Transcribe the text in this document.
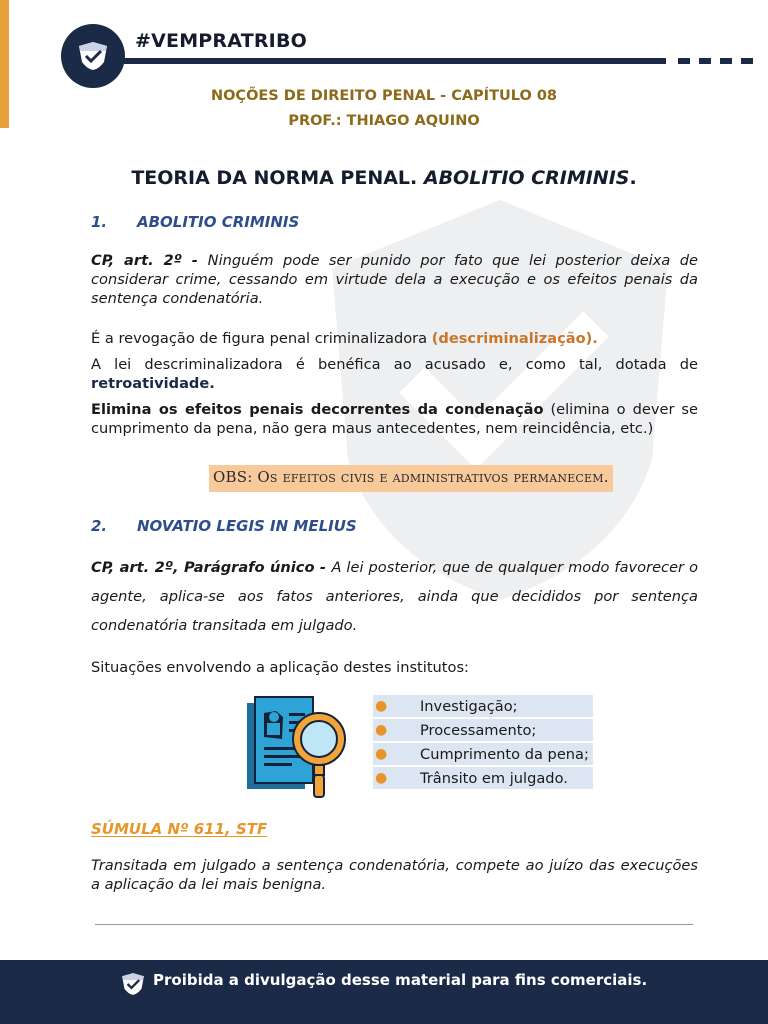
#VEMPRATRIBO
NOÇÕES DE DIREITO PENAL - CAPÍTULO 08
PROF.: THIAGO AQUINO
TEORIA DA NORMA PENAL. ABOLITIO CRIMINIS.
1. ABOLITIO CRIMINIS
CP, art. 2º - Ninguém pode ser punido por fato que lei posterior deixa de considerar crime, cessando em virtude dela a execução e os efeitos penais da sentença condenatória.
É a revogação de figura penal criminalizadora (descriminalização).
A lei descriminalizadora é benéfica ao acusado e, como tal, dotada de retroatividade.
Elimina os efeitos penais decorrentes da condenação (elimina o dever se cumprimento da pena, não gera maus antecedentes, nem reincidência, etc.)
OBS: Os efeitos civis e administrativos permanecem.
2. NOVATIO LEGIS IN MELIUS
CP, art. 2º, Parágrafo único - A lei posterior, que de qualquer modo favorecer o agente, aplica-se aos fatos anteriores, ainda que decididos por sentença condenatória transitada em julgado.
Situações envolvendo a aplicação destes institutos:
●	Investigação;
●	Processamento;
●	Cumprimento da pena;
●	Trânsito em julgado.
SÚMULA Nº 611, STF
Transitada em julgado a sentença condenatória, compete ao juízo das execuções a aplicação da lei mais benigna.
Proibida a divulgação desse material para fins comerciais.
